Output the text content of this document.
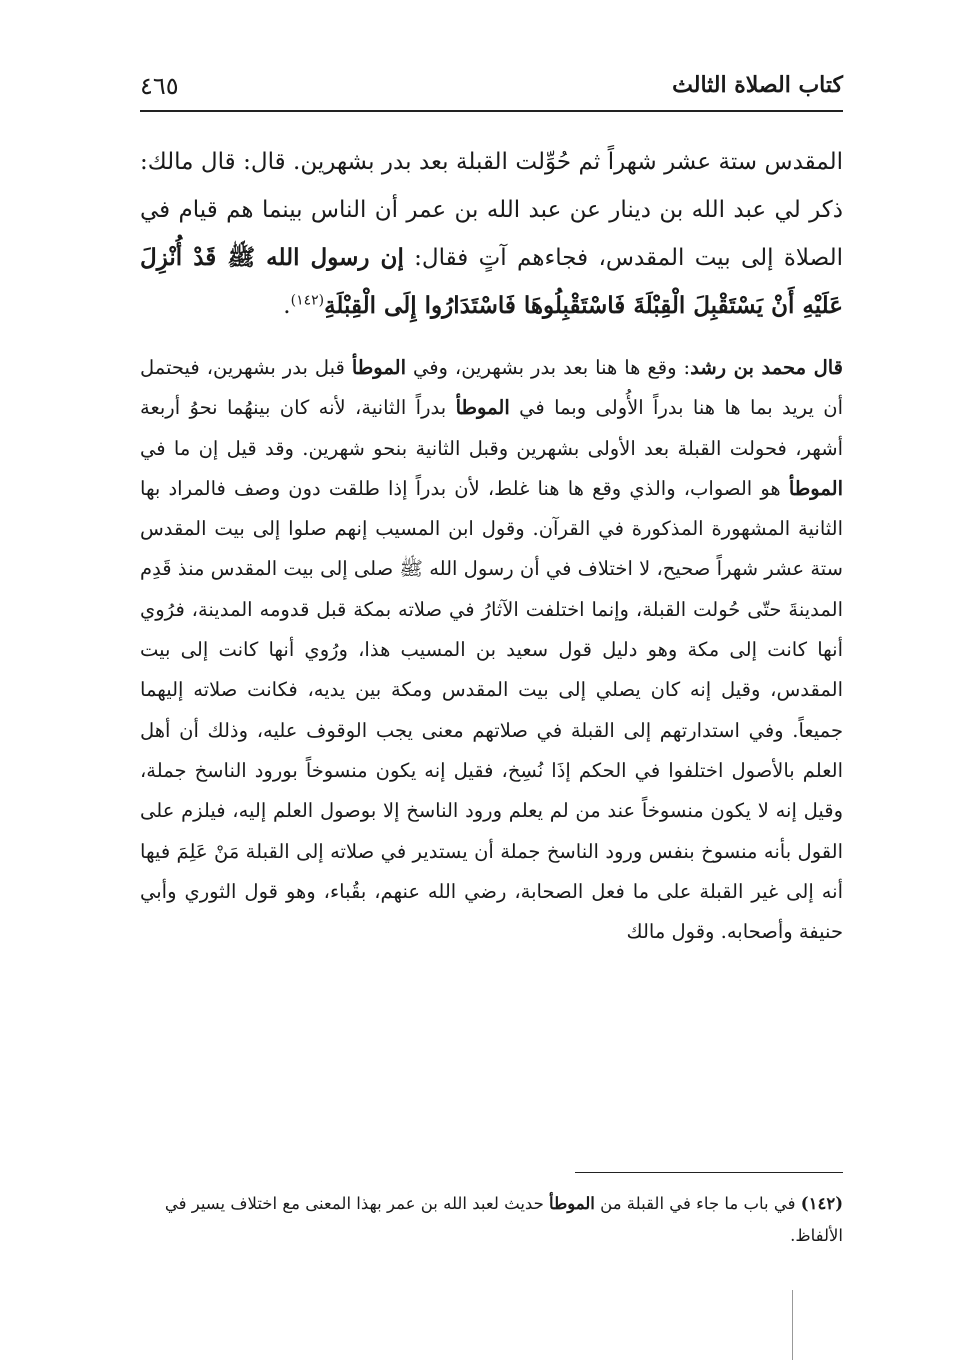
كتاب الصلاة الثالث
٤٦٥

المقدس ستة عشر شهراً ثم حُوِّلت القبلة بعد بدر بشهرين. قال: قال مالك: ذكر لي عبد الله بن دينار عن عبد الله بن عمر أن الناس بينما هم قيام في الصلاة إلى بيت المقدس، فجاءهم آتٍ فقال: إن رسول الله ﷺ قَدْ أُنْزِلَ عَلَيْهِ أَنْ يَسْتَقْبِلَ الْقِبْلَةَ فَاسْتَقْبِلُوهَا فَاسْتَدَارُوا إِلَى الْقِبْلَةِ$^{(١٤٢)}$.

قال محمد بن رشد: وقع ها هنا بعد بدر بشهرين، وفي الموطأ قبل بدر بشهرين، فيحتمل أن يريد بما ها هنا بدراً الأُولى وبما في الموطأ بدراً الثانية، لأنه كان بينهُما نحوُ أربعة أشهر، فحولت القبلة بعد الأولى بشهرين وقبل الثانية بنحو شهرين. وقد قيل إن ما في الموطأ هو الصواب، والذي وقع ها هنا غلط، لأن بدراً إذا طلقت دون وصف فالمراد بها الثانية المشهورة المذكورة في القرآن. وقول ابن المسيب إنهم صلوا إلى بيت المقدس ستة عشر شهراً صحيح، لا اختلاف في أن رسول الله ﷺ صلى إلى بيت المقدس منذ قَدِم المدينةَ حتّى حُولت القبلة، وإنما اختلفت الآثارُ في صلاته بمكة قبل قدومه المدينة، فرُوي أنها كانت إلى مكة وهو دليل قول سعيد بن المسيب هذا، ورُوي أنها كانت إلى بيت المقدس، وقيل إنه كان يصلي إلى بيت المقدس ومكة بين يديه، فكانت صلاته إليهما جميعاً. وفي استدارتهم إلى القبلة في صلاتهم معنى يجب الوقوف عليه، وذلك أن أهل العلم بالأصول اختلفوا في الحكم إذَا نُسِخ، فقيل إنه يكون منسوخاً بورود الناسخ جملة، وقيل إنه لا يكون منسوخاً عند من لم يعلم ورود الناسخ إلا بوصول العلم إليه، فيلزم على القول بأنه منسوخ بنفس ورود الناسخ جملة أن يستدير في صلاته إلى القبلة مَنْ عَلِمَ فيها أنه إلى غير القبلة على ما فعل الصحابة، رضي الله عنهم، بقُباء، وهو قول الثوري وأبي حنيفة وأصحابه. وقول مالك

(١٤٢) في باب ما جاء في القبلة من الموطأ حديث لعبد الله بن عمر بهذا المعنى مع اختلاف يسير في الألفاظ.
